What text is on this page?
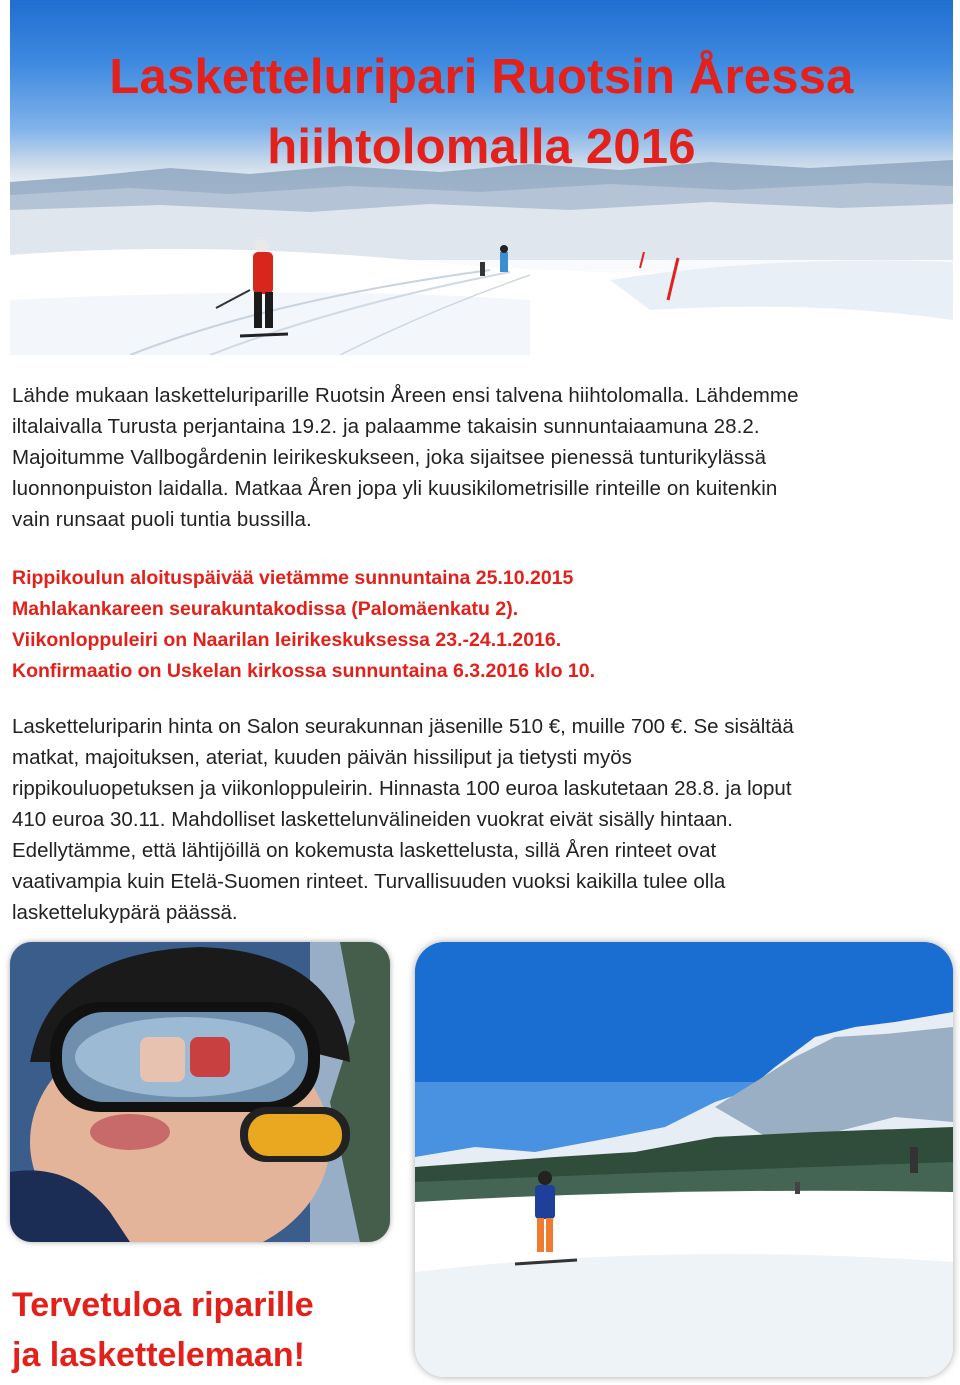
Lasketteluripari Ruotsin Åressa
hiihtolomalla 2016
Lähde mukaan lasketteluriparille Ruotsin Åreen ensi talvena hiihtolomalla. Lähdemme
iltalaivalla Turusta perjantaina 19.2. ja palaamme takaisin sunnuntaiaamuna 28.2.
Majoitumme Vallbogårdenin leirikeskukseen, joka sijaitsee pienessä tunturikylässä
luonnonpuiston laidalla. Matkaa Åren jopa yli kuusikilometrisille rinteille on kuitenkin
vain runsaat puoli tuntia bussilla.
Rippikoulun aloituspäivää vietämme sunnuntaina 25.10.2015
Mahlakankareen seurakuntakodissa (Palomäenkatu 2).
Viikonloppuleiri on Naarilan leirikeskuksessa 23.-24.1.2016.
Konfirmaatio on Uskelan kirkossa sunnuntaina 6.3.2016 klo 10.
Lasketteluriparin hinta on Salon seurakunnan jäsenille 510 €, muille 700 €. Se sisältää
matkat, majoituksen, ateriat, kuuden päivän hissiliput ja tietysti myös
rippikouluopetuksen ja viikonloppuleirin. Hinnasta 100 euroa laskutetaan 28.8. ja loput
410 euroa 30.11. Mahdolliset laskettelunvälineiden vuokrat eivät sisälly hintaan.
Edellytämme, että lähtijöillä on kokemusta laskettelusta, sillä Åren rinteet ovat
vaativampia kuin Etelä-Suomen rinteet. Turvallisuuden vuoksi kaikilla tulee olla
laskettelukypärä päässä.
Tervetuloa riparille
ja laskettelemaan!
